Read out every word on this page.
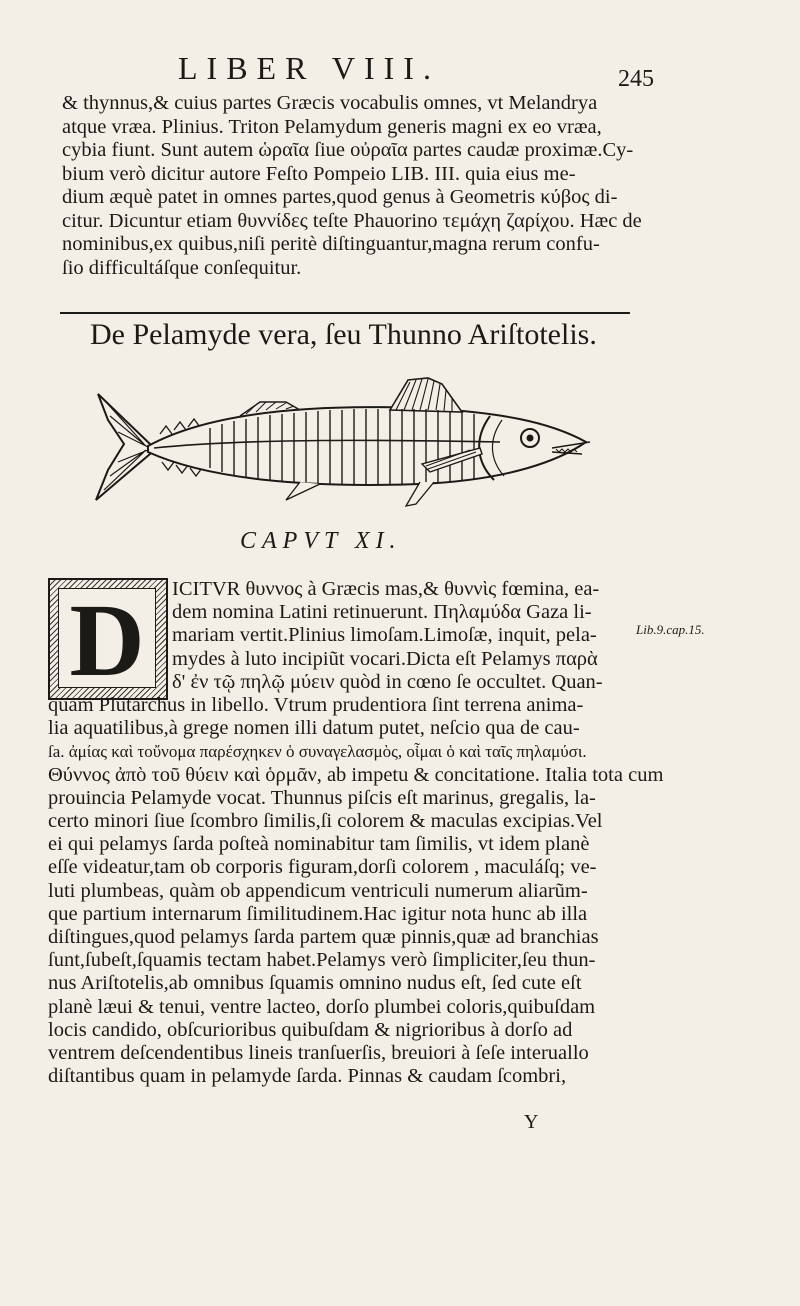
LIBER VIII.	245
& thynnus,& cuius partes Græcis vocabulis omnes, vt Melandrya
atque vræa. Plinius. Triton Pelamydum generis magni ex eo vræa,
cybia fiunt. Sunt autem ὡραῖα ſiue οὐραῖα partes caudæ proximæ.Cy-
bium verò dicitur autore Feſto Pompeio LIB. III. quia eius me-
dium æquè patet in omnes partes,quod genus à Geometris κύβος di-
citur. Dicuntur etiam θυννίδες teſte Phauorino τεμάχη ζαρίχου. Hæc de
nominibus,ex quibus,niſi peritè diſtinguantur,magna rerum confu-
ſio difficultáſque conſequitur.
De Pelamyde vera, ſeu Thunno Ariſtotelis.
CAPVT XI.
D	ICITVR θυννος à Græcis mas,& θυννὶς fœmina, ea-
dem nomina Latini retinuerunt. Πηλαμύδα Gaza li-
mariam vertit.Plinius limoſam.Limoſæ, inquit, pela-
mydes à luto incipiũt vocari.Dicta eſt Pelamys παρὰ
δ' ἐν τῷ πηλῷ μύειν quòd in cœno ſe occultet. Quan-
quam Plutarchus in libello. Vtrum prudentiora ſint terrena anima-
lia aquatilibus,à grege nomen illi datum putet, neſcio qua de cau-
ſa. ἀμίας καὶ τοὔνομα παρέσχηκεν ὁ συναγελασμὸς, οἶμαι ὁ καὶ ταῖς πηλαμύσι.
Θύννος ἀπὸ τοῦ θύειν καὶ ὁρμᾶν, ab impetu & concitatione. Italia tota cum
prouincia Pelamyde vocat. Thunnus piſcis eſt marinus, gregalis, la-
certo minori ſiue ſcombro ſimilis,ſi colorem & maculas excipias.Vel
ei qui pelamys ſarda poſteà nominabitur tam ſimilis, vt idem planè
eſſe videatur,tam ob corporis figuram,dorſi colorem , maculáſq; ve-
luti plumbeas, quàm ob appendicum ventriculi numerum aliarũm-
que partium internarum ſimilitudinem.Hac igitur nota hunc ab illa
diſtingues,quod pelamys ſarda partem quæ pinnis,quæ ad branchias
ſunt,ſubeſt,ſquamis tectam habet.Pelamys verò ſimpliciter,ſeu thun-
nus Ariſtotelis,ab omnibus ſquamis omnino nudus eſt, ſed cute eſt
planè læui & tenui, ventre lacteo, dorſo plumbei coloris,quibuſdam
locis candido, obſcurioribus quibuſdam & nigrioribus à dorſo ad
ventrem deſcendentibus lineis tranſuerſis, breuiori à ſeſe interuallo
diſtantibus quam in pelamyde ſarda. Pinnas & caudam ſcombri,
Lib.9.cap.15.
Y
